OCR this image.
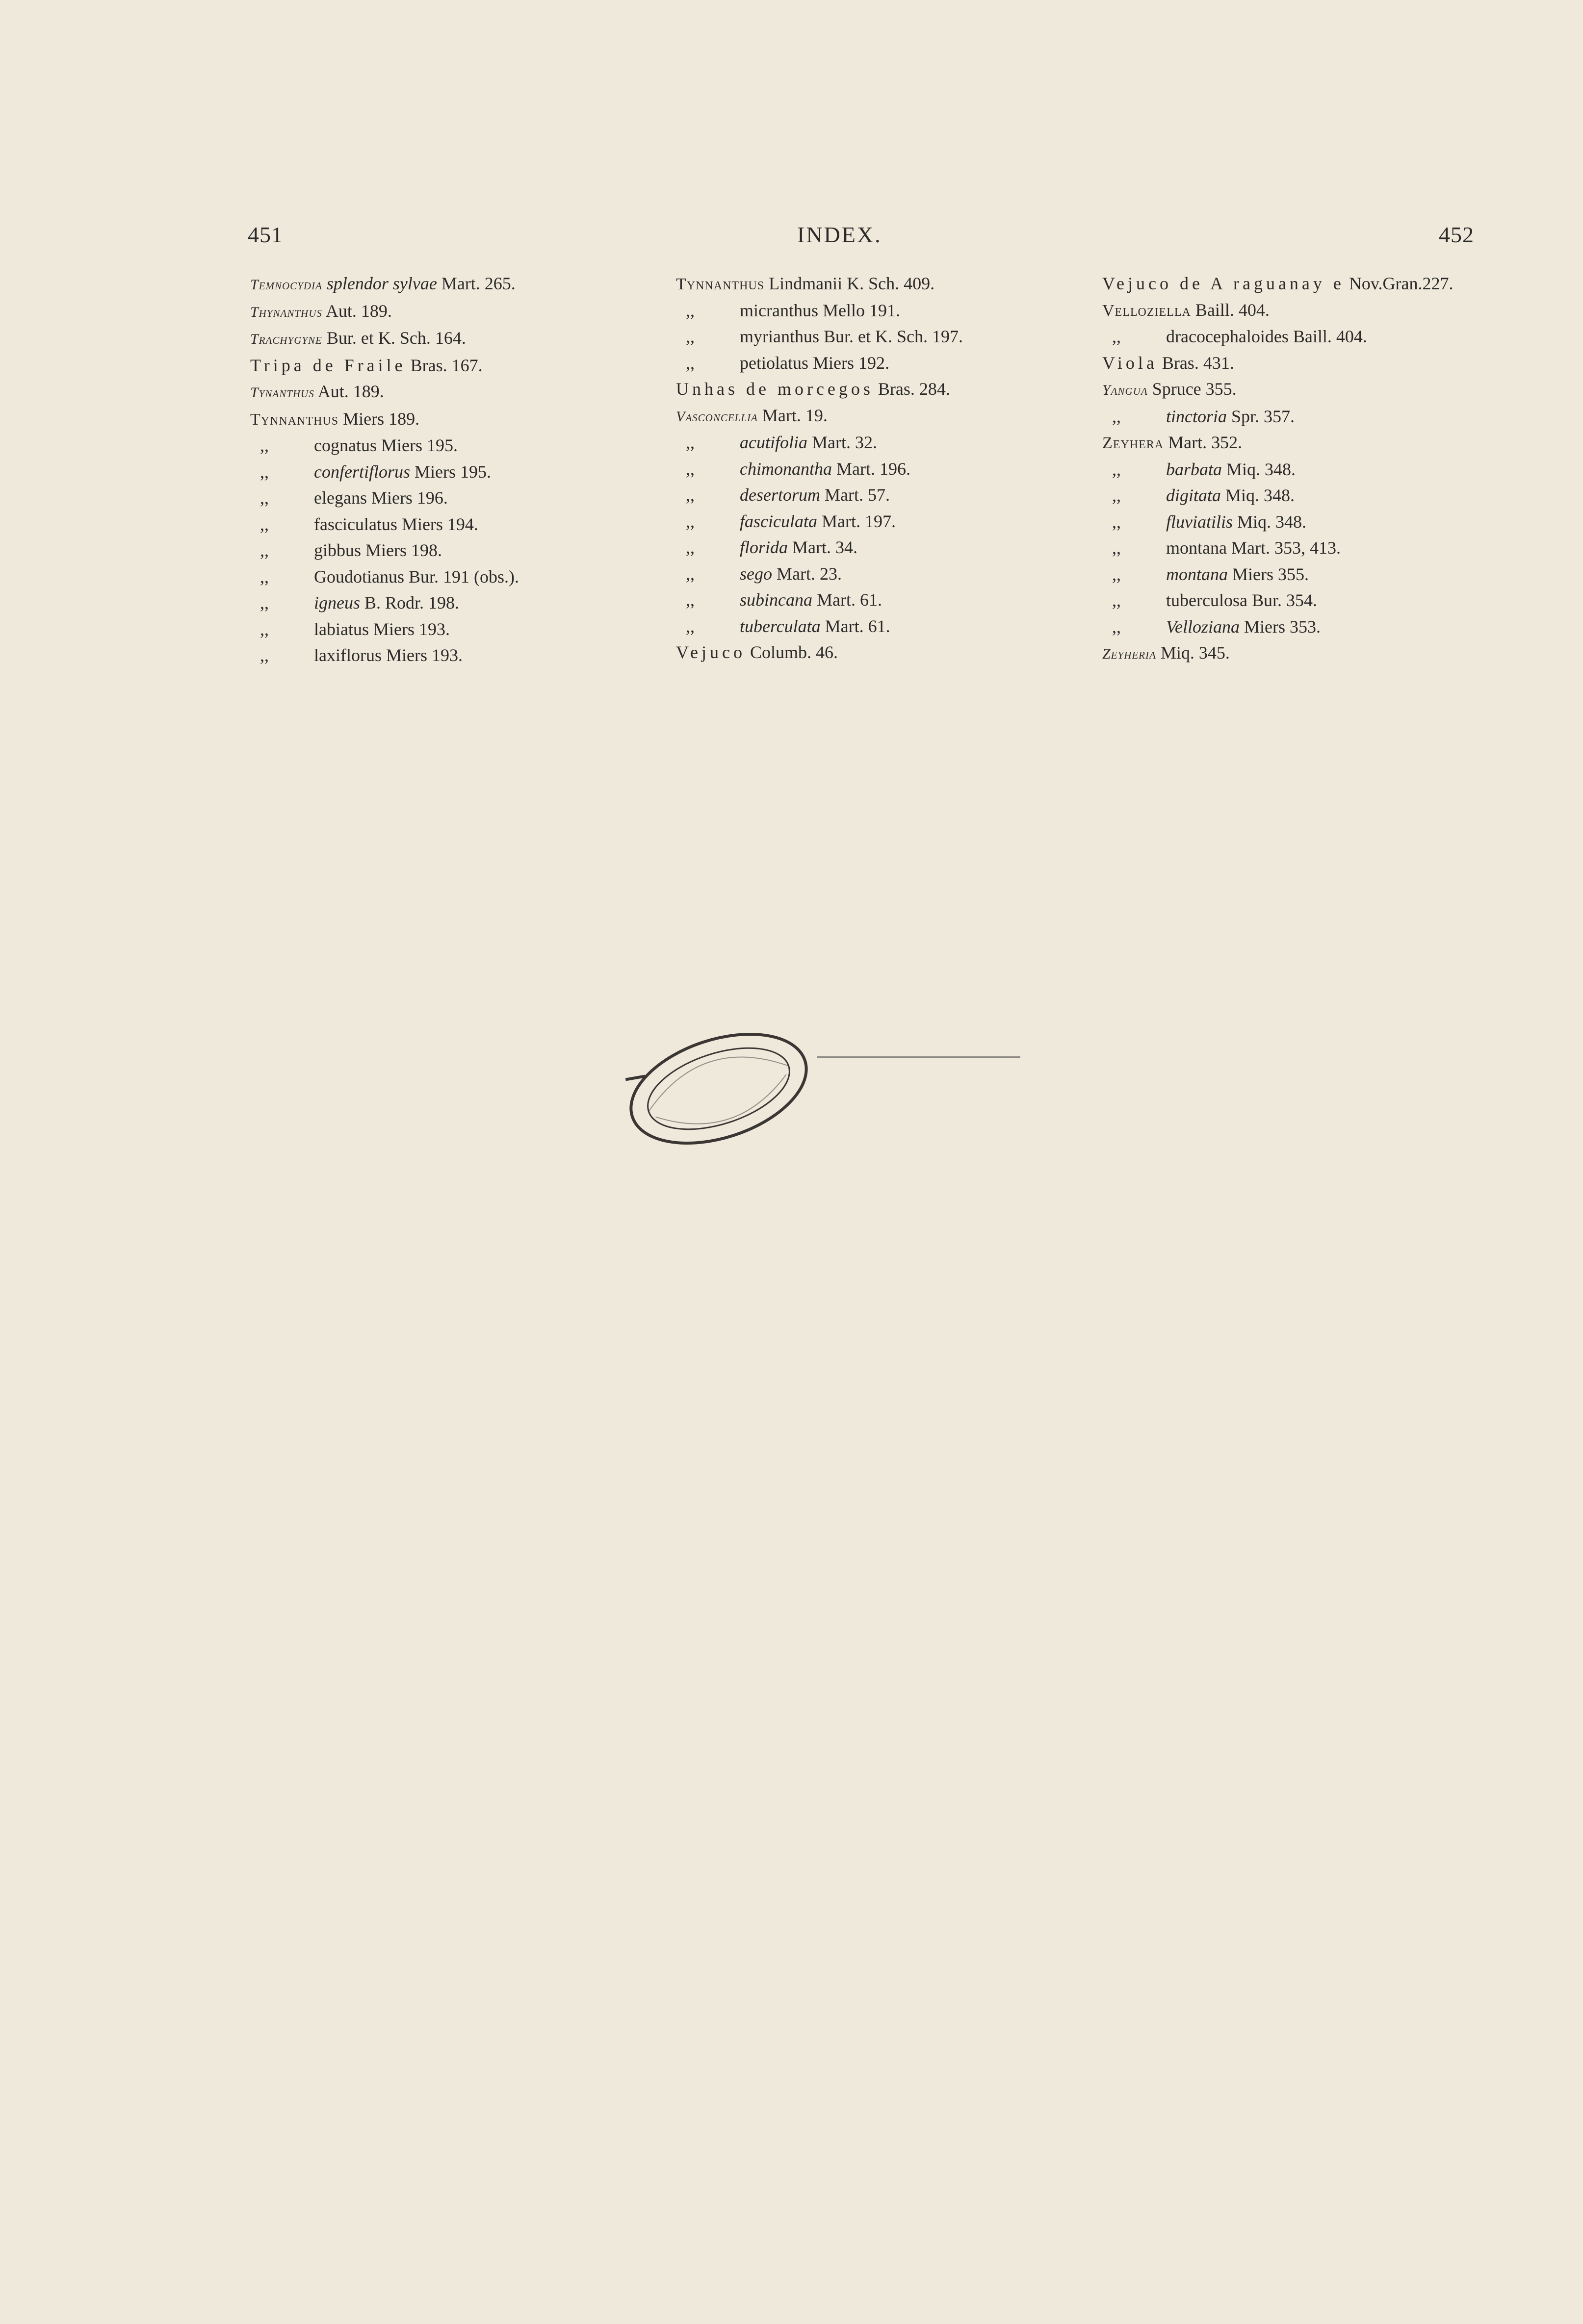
451	INDEX.	452
Temnocydia splendor sylvae Mart. 265.
Thynanthus Aut. 189.
Trachygyne Bur. et K. Sch. 164.
Tripa de Fraile Bras. 167.
Tynanthus Aut. 189.
Tynnanthus Miers 189.
,,	cognatus Miers 195.
,,	confertiflorus Miers 195.
,,	elegans Miers 196.
,,	fasciculatus Miers 194.
,,	gibbus Miers 198.
,,	Goudotianus Bur. 191 (obs.).
,,	igneus B. Rodr. 198.
,,	labiatus Miers 193.
,,	laxiflorus Miers 193.
Tynnanthus Lindmanii K. Sch. 409.
,,	micranthus Mello 191.
,,	myrianthus Bur. et K. Sch. 197.
,,	petiolatus Miers 192.
Unhas de morcegos Bras. 284.
Vasconcellia Mart. 19.
,,	acutifolia Mart. 32.
,,	chimonantha Mart. 196.
,,	desertorum Mart. 57.
,,	fasciculata Mart. 197.
,,	florida Mart. 34.
,,	sego Mart. 23.
,,	subincana Mart. 61.
,,	tuberculata Mart. 61.
Vejuco Columb. 46.
Vejuco de A raguanay e Nov.Gran.227.
Velloziella Baill. 404.
,,	dracocephaloides Baill. 404.
Viola Bras. 431.
Yangua Spruce 355.
,,	tinctoria Spr. 357.
Zeyhera Mart. 352.
,,	barbata Miq. 348.
,,	digitata Miq. 348.
,,	fluviatilis Miq. 348.
,,	montana Mart. 353, 413.
,,	montana Miers 355.
,,	tuberculosa Bur. 354.
,,	Velloziana Miers 353.
Zeyheria Miq. 345.
